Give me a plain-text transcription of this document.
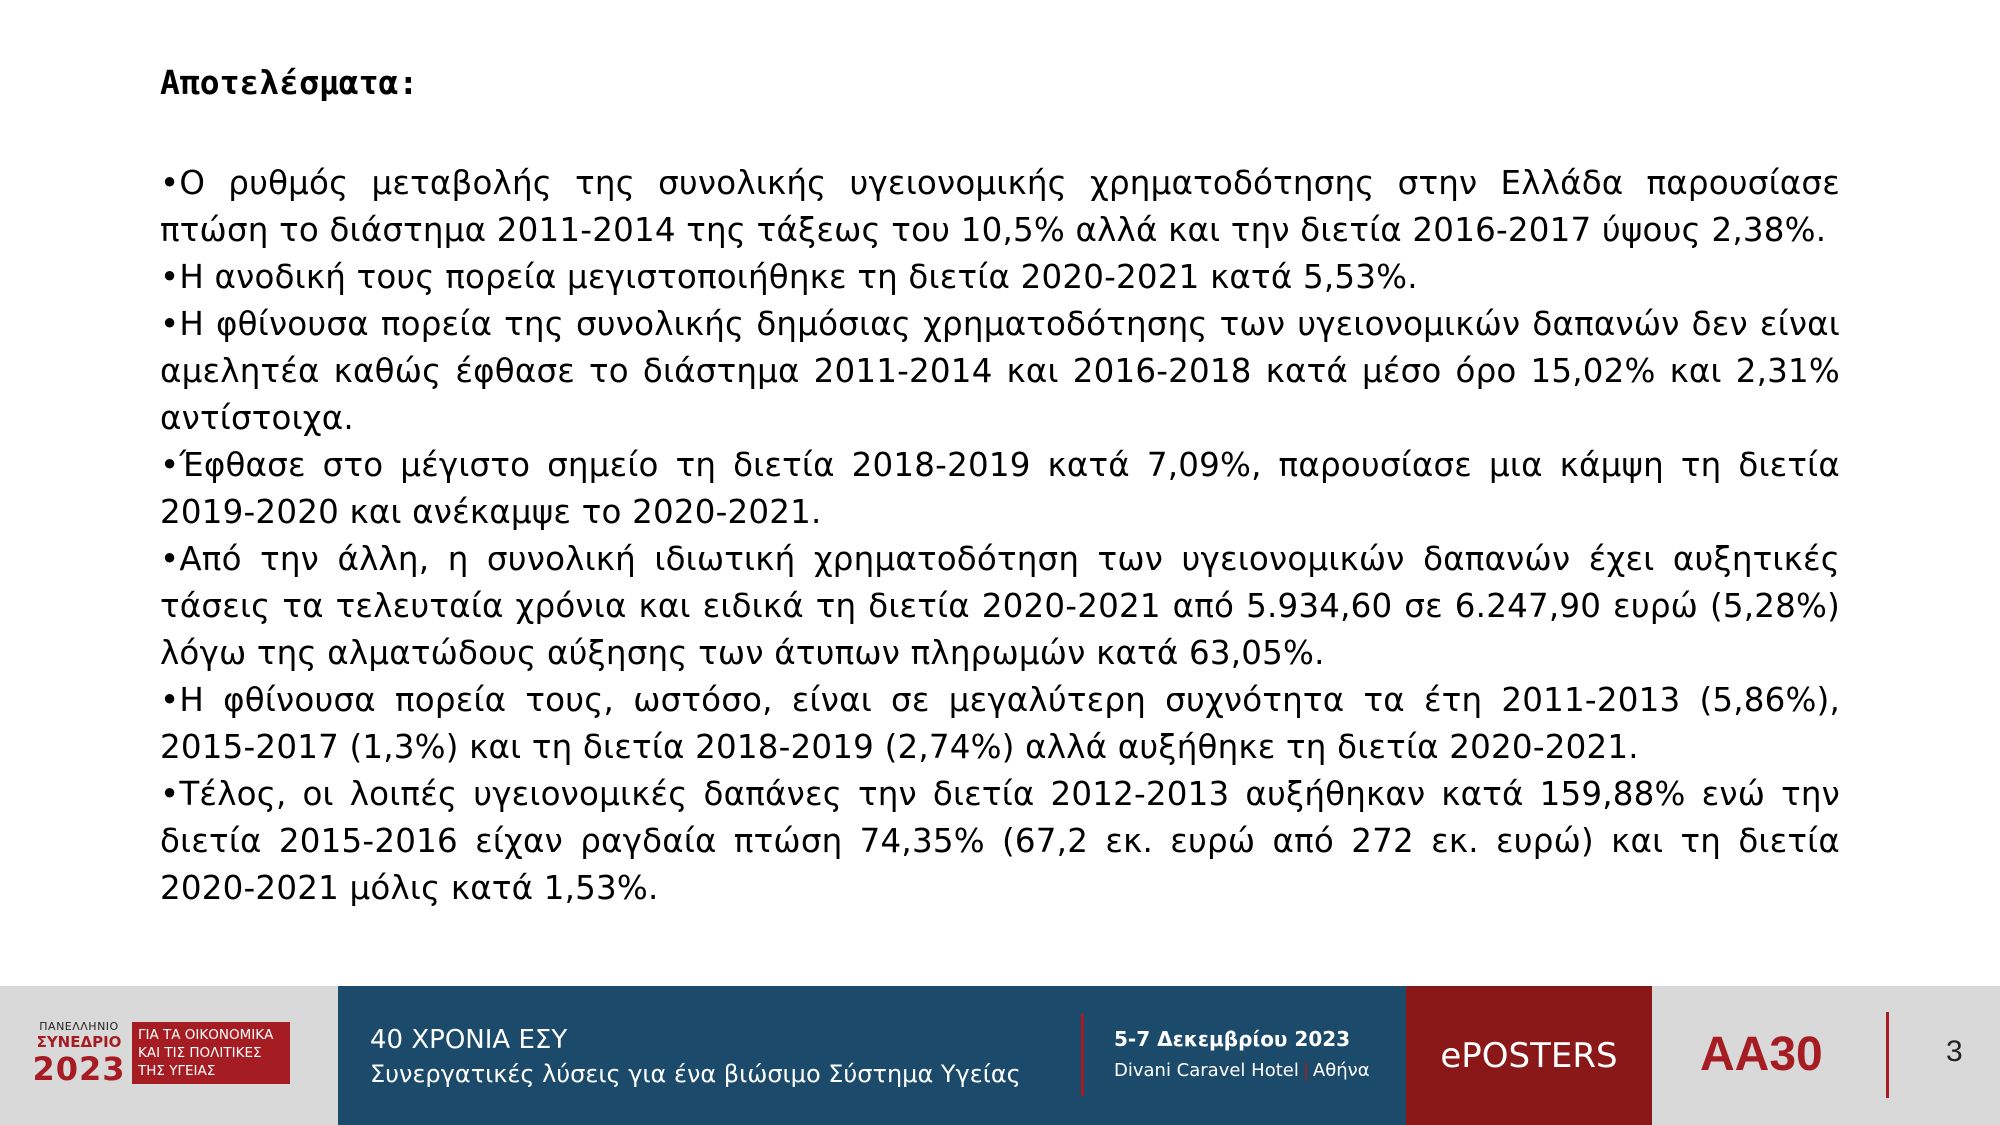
Αποτελέσματα:
•Ο ρυθμός μεταβολής της συνολικής υγειονομικής χρηματοδότησης στην Ελλάδα παρουσίασε πτώση το διάστημα 2011-2014 της τάξεως του 10,5% αλλά και την διετία 2016-2017 ύψους 2,38%.
•Η ανοδική τους πορεία μεγιστοποιήθηκε τη διετία 2020-2021 κατά 5,53%.
•Η φθίνουσα πορεία της συνολικής δημόσιας χρηματοδότησης των υγειονομικών δαπανών δεν είναι αμελητέα καθώς έφθασε το διάστημα 2011-2014 και 2016-2018 κατά μέσο όρο 15,02% και 2,31% αντίστοιχα.
•Έφθασε στο μέγιστο σημείο τη διετία 2018-2019 κατά 7,09%, παρουσίασε μια κάμψη τη διετία 2019-2020 και ανέκαμψε το 2020-2021.
•Από την άλλη, η συνολική ιδιωτική χρηματοδότηση των υγειονομικών δαπανών έχει αυξητικές τάσεις τα τελευταία χρόνια και ειδικά τη διετία 2020-2021 από 5.934,60 σε 6.247,90 ευρώ (5,28%) λόγω της αλματώδους αύξησης των άτυπων πληρωμών κατά 63,05%.
•Η φθίνουσα πορεία τους, ωστόσο, είναι σε μεγαλύτερη συχνότητα τα έτη 2011-2013 (5,86%), 2015-2017 (1,3%) και τη διετία 2018-2019 (2,74%) αλλά αυξήθηκε τη διετία 2020-2021.
•Τέλος, οι λοιπές υγειονομικές δαπάνες την διετία 2012-2013 αυξήθηκαν κατά 159,88% ενώ την διετία 2015-2016 είχαν ραγδαία πτώση 74,35% (67,2 εκ. ευρώ από 272 εκ. ευρώ) και τη διετία 2020-2021 μόλις κατά 1,53%.
ΠΑΝΕΛΛΗΝΙΟ
ΣΥΝΕΔΡΙΟ
2023
ΓΙΑ ΤΑ ΟΙΚΟΝΟΜΙΚΑ
ΚΑΙ ΤΙΣ ΠΟΛΙΤΙΚΕΣ
ΤΗΣ ΥΓΕΙΑΣ
40 ΧΡΟΝΙΑ ΕΣΥ
Συνεργατικές λύσεις για ένα βιώσιμο Σύστημα Υγείας
5-7 Δεκεμβρίου 2023
Divani Caravel Hotel | Αθήνα	ePOSTERS	AA30	3
